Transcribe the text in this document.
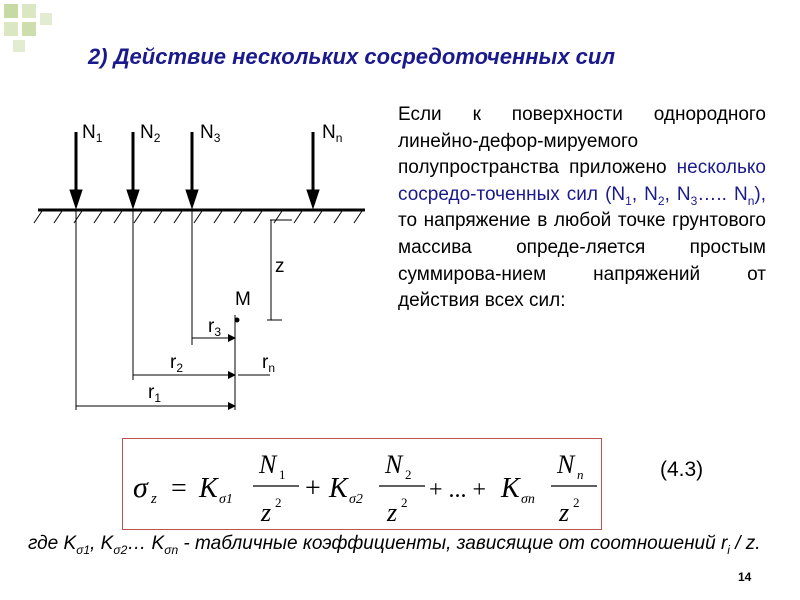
2) Действие нескольких сосредоточенных сил
$N_1$ $N_2$ $N_3$	$N_n$
M
z
$r_3$
$r_2$	$r_n$
$r_1$
Если к поверхности однородного линейно-дефор-мируемого полупространства приложено несколько сосредо-точенных сил ($N_1$, $N_2$, $N_3\dots$.. $N_n$), то напряжение в любой точке грунтового массива опреде-ляется простым суммирова-нием напряжений от действия всех сил:
σ z = K σ1
N 1
z 2 + K σ2
N 2
z 2 + ... + K σn
N n
z 2
(4.3)
где $K_{\sigma 1}$, $K_{\sigma 2}\dots$ $K_{\sigma n}$ - табличные коэффициенты, зависящие от соотношений $r_i$ / z.
14
